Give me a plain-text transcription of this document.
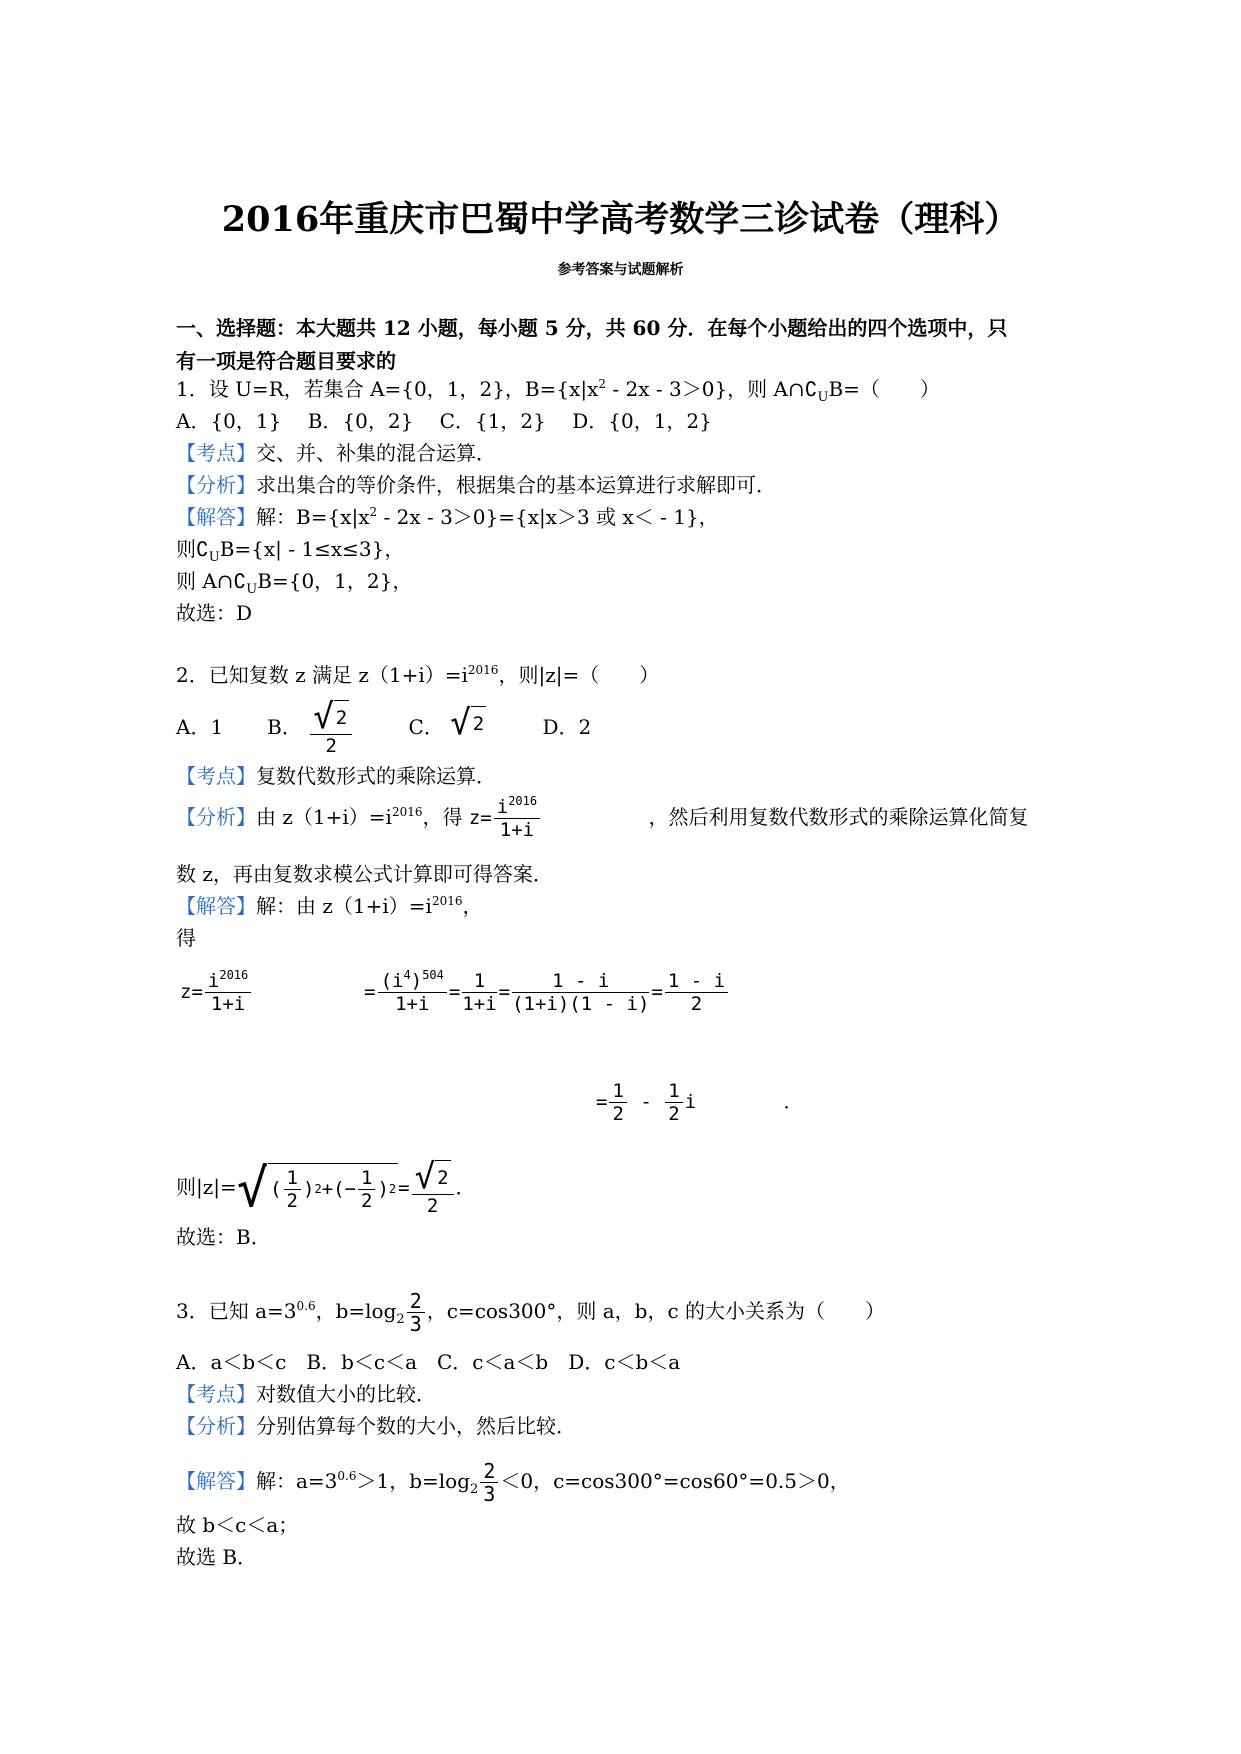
2016年重庆市巴蜀中学高考数学三诊试卷（理科）
参考答案与试题解析
一、选择题：本大题共 12 小题，每小题 5 分，共 60 分．在每个小题给出的四个选项中，只
有一项是符合题目要求的
1．设 U=R，若集合 A={0，1，2}，$B=\{x|x^2 - 2x - 3>0\}$，则 $A\cap∁_UB=$（　　）
A．{0，1}　 B．{0，2}　 C．{1，2}　 D．{0，1，2}
【考点】交、并、补集的混合运算．
【分析】求出集合的等价条件，根据集合的基本运算进行求解即可．
【解答】解：$B=\{x|x^2 - 2x - 3>0\}=\{x|x>3$ 或 x＜ - 1}，
则$∁_UB=\{x| - 1\le x\le 3\}$，
则 $A\cap∁_UB=\{0$，1，2}，
故选：D
2．已知复数 z 满足 $z(1+i)=i^{2016}$，则|z|=（　　）
A．1 B． $\frac{√ 2}{2}$	C． √ 2	D．2
【考点】复数代数形式的乘除运算．
【分析】由 $z(1+i)=i^{2016}$，得 $z= \frac{i^{2016}}{1+i}$	，然后利用复数代数形式的乘除运算化简复
数 z，再由复数求模公式计算即可得答案．
【解答】解：由 $z(1+i)=i^{2016}$，
得
$z= \frac{i^{2016}}{1+i}$	= $\frac{(i^4)^{504}}{1+i} = \frac{1}{1+i} = \frac{1 - i}{(1+i)(1 - i)} = \frac{1 - i}{2}$
= $\frac{1}{2} - \frac{1}{2}$ i	．
则|z|= √ ( $\frac{1}{2}$ ) 2 +(− $\frac{1}{2}$ ) $2 = \frac{√ 2}{2}$ ．
故选：B．
3．已知 $a=3^{0.6}$，$b=\log_2 \frac{2}{3}$ ，c=cos300°，则 a，b，c 的大小关系为（　　）
A．a＜b＜c　B．b＜c＜a　C．c＜a＜b　D．c＜b＜a
【考点】对数值大小的比较．
【分析】分别估算每个数的大小，然后比较．
【解答】解：$a=3^{0.6}>1$，$b=\log_2 \frac{2}{3} <0$，c=cos300°=cos60°=0.5＞0，
故 b＜c＜a；
故选 B．
